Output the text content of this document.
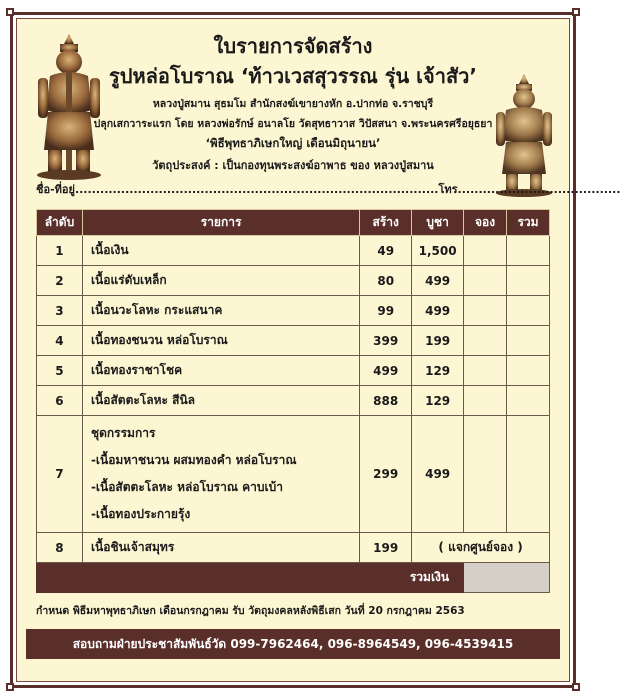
ใบรายการจัดสร้าง
รูปหล่อโบราณ ‘ท้าวเวสสุวรรณ รุ่น เจ้าสัว’
หลวงปู่สมาน สุธมโม สำนักสงฆ์เขายางหัก อ.ปากท่อ จ.ราชบุรี
ปลุกเสกวาระแรก โดย หลวงพ่อรักษ์ อนาลโย วัดสุทธาวาส วิปัสสนา จ.พระนครศรีอยุธยา
‘พิธีพุทธาภิเษกใหญ่ เดือนมิถุนายน’
วัตถุประสงค์ : เป็นกองทุนพระสงฆ์อาพาธ ของ หลวงปู่สมาน
ชื่อ-ที่อยู่.......................................................................................โทร.......................................
ลำดับ	รายการ	สร้าง	บูชา	จอง	รวม
1	เนื้อเงิน	49	1,500		
2	เนื้อแร่ดับเหล็ก	80	499		
3	เนื้อนวะโลหะ กระแสนาค	99	499		
4	เนื้อทองชนวน หล่อโบราณ	399	199		
5	เนื้อทองราชาโชค	499	129		
6	เนื้อสัตตะโลหะ สีนิล	888	129		
7	ชุดกรรมการ
-เนื้อมหาชนวน ผสมทองคำ หล่อโบราณ
-เนื้อสัตตะโลหะ หล่อโบราณ คาบเบ้า
-เนื้อทองประกายรุ้ง	299	499		
8	เนื้อชินเจ้าสมุทร	199	( แจกศูนย์จอง )		
รวมเงิน					
กำหนด พิธีมหาพุทธาภิเษก เดือนกรกฎาคม รับ วัตถุมงคลหลังพิธีเสก วันที่ 20 กรกฎาคม 2563
สอบถามฝ่ายประชาสัมพันธ์วัด 099-7962464, 096-8964549, 096-4539415
